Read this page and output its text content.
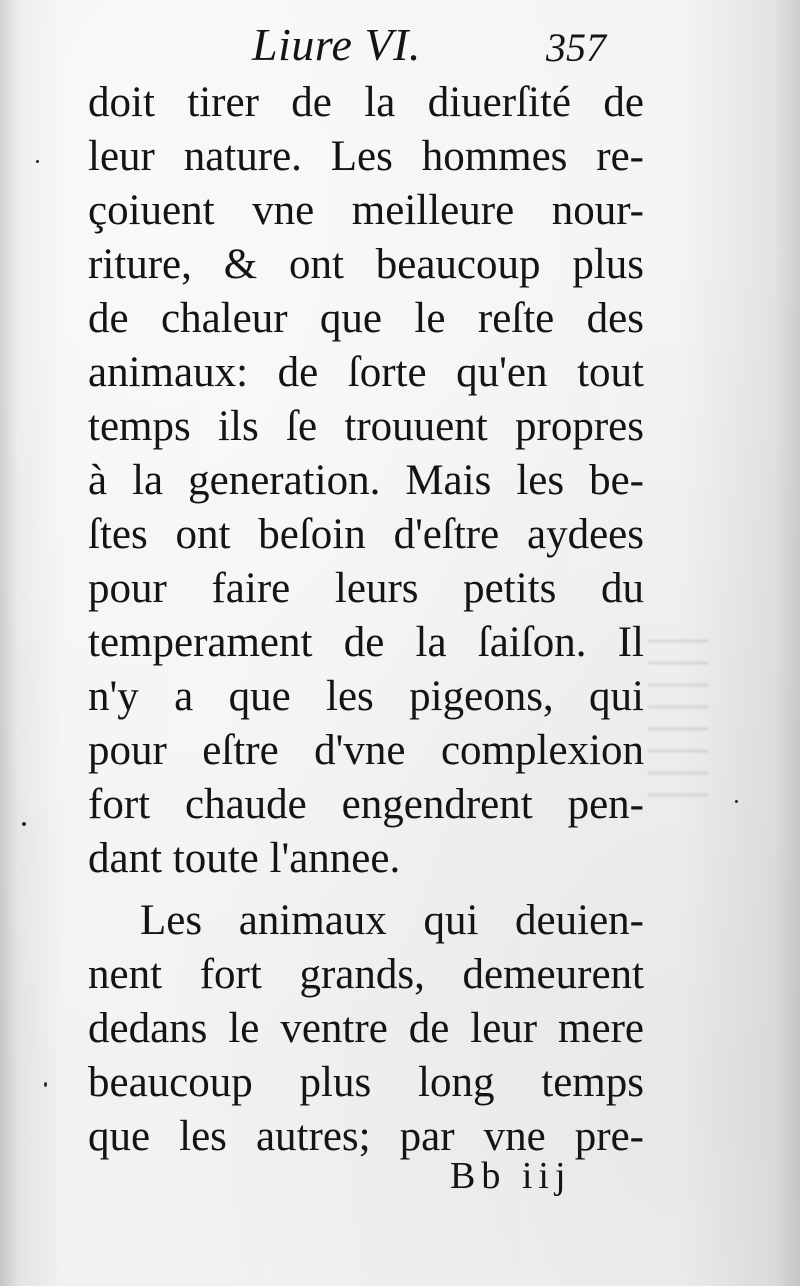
Liure VI.	357
doit tirer de la diuerſité de
leur nature. Les hommes re-
çoiuent vne meilleure nour-
riture, & ont beaucoup plus
de chaleur que le reſte des
animaux: de ſorte qu'en tout
temps ils ſe trouuent propres
à la generation. Mais les be-
ſtes ont beſoin d'eſtre aydees
pour faire leurs petits du
temperament de la ſaiſon. Il
n'y a que les pigeons, qui
pour eſtre d'vne complexion
fort chaude engendrent pen-
dant toute l'annee.
Les animaux qui deuien-
nent fort grands, demeurent
dedans le ventre de leur mere
beaucoup plus long temps
que les autres; par vne pre-
Bb iij
